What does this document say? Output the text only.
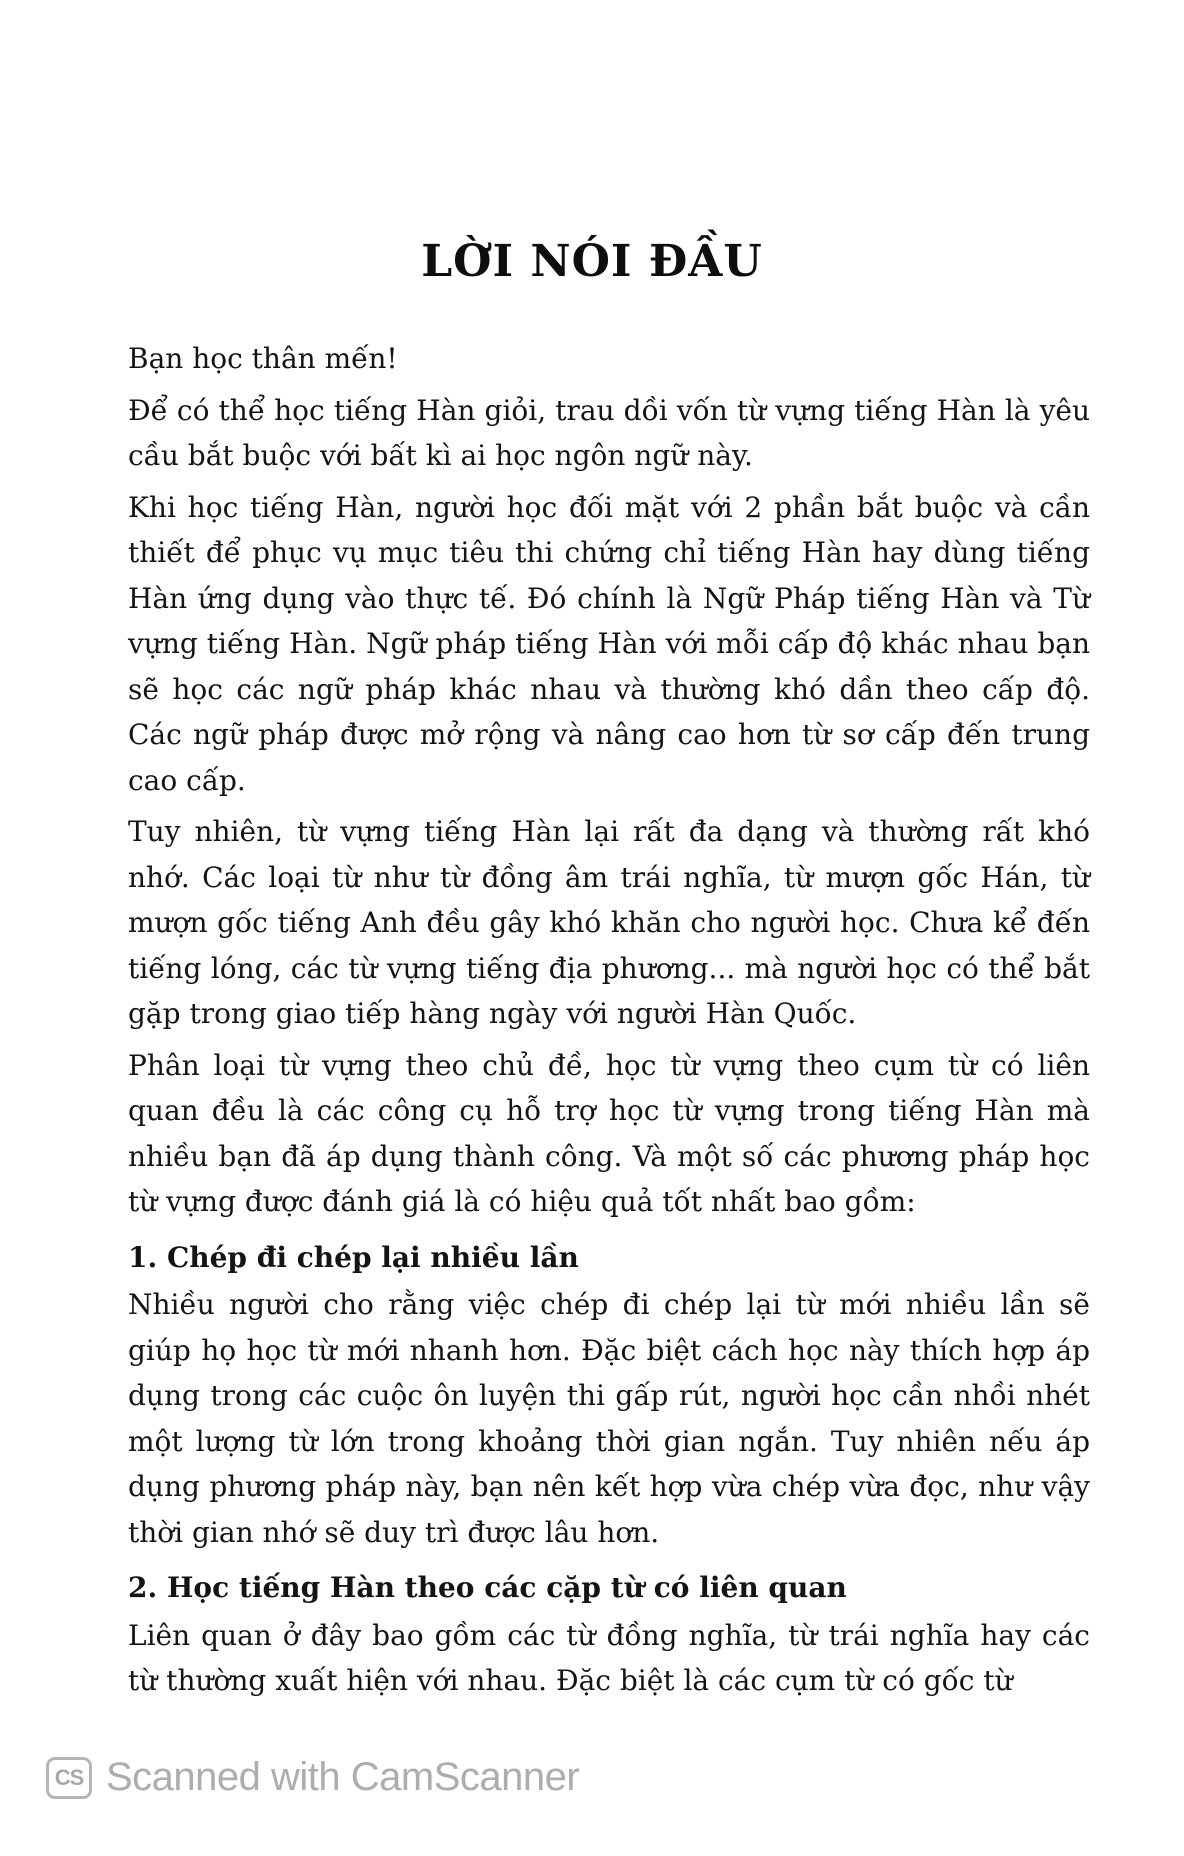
LỜI NÓI ĐẦU

Bạn học thân mến!

Để có thể học tiếng Hàn giỏi, trau dồi vốn từ vựng tiếng Hàn là yêu cầu bắt buộc với bất kì ai học ngôn ngữ này.

Khi học tiếng Hàn, người học đối mặt với 2 phần bắt buộc và cần thiết để phục vụ mục tiêu thi chứng chỉ tiếng Hàn hay dùng tiếng Hàn ứng dụng vào thực tế. Đó chính là Ngữ Pháp tiếng Hàn và Từ vựng tiếng Hàn. Ngữ pháp tiếng Hàn với mỗi cấp độ khác nhau bạn sẽ học các ngữ pháp khác nhau và thường khó dần theo cấp độ. Các ngữ pháp được mở rộng và nâng cao hơn từ sơ cấp đến trung cao cấp.

Tuy nhiên, từ vựng tiếng Hàn lại rất đa dạng và thường rất khó nhớ. Các loại từ như từ đồng âm trái nghĩa, từ mượn gốc Hán, từ mượn gốc tiếng Anh đều gây khó khăn cho người học. Chưa kể đến tiếng lóng, các từ vựng tiếng địa phương... mà người học có thể bắt gặp trong giao tiếp hàng ngày với người Hàn Quốc.

Phân loại từ vựng theo chủ đề, học từ vựng theo cụm từ có liên quan đều là các công cụ hỗ trợ học từ vựng trong tiếng Hàn mà nhiều bạn đã áp dụng thành công. Và một số các phương pháp học từ vựng được đánh giá là có hiệu quả tốt nhất bao gồm:

1. Chép đi chép lại nhiều lần

Nhiều người cho rằng việc chép đi chép lại từ mới nhiều lần sẽ giúp họ học từ mới nhanh hơn. Đặc biệt cách học này thích hợp áp dụng trong các cuộc ôn luyện thi gấp rút, người học cần nhồi nhét một lượng từ lớn trong khoảng thời gian ngắn. Tuy nhiên nếu áp dụng phương pháp này, bạn nên kết hợp vừa chép vừa đọc, như vậy thời gian nhớ sẽ duy trì được lâu hơn.

2. Học tiếng Hàn theo các cặp từ có liên quan

Liên quan ở đây bao gồm các từ đồng nghĩa, từ trái nghĩa hay các từ thường xuất hiện với nhau. Đặc biệt là các cụm từ có gốc từ

CS Scanned with CamScanner
